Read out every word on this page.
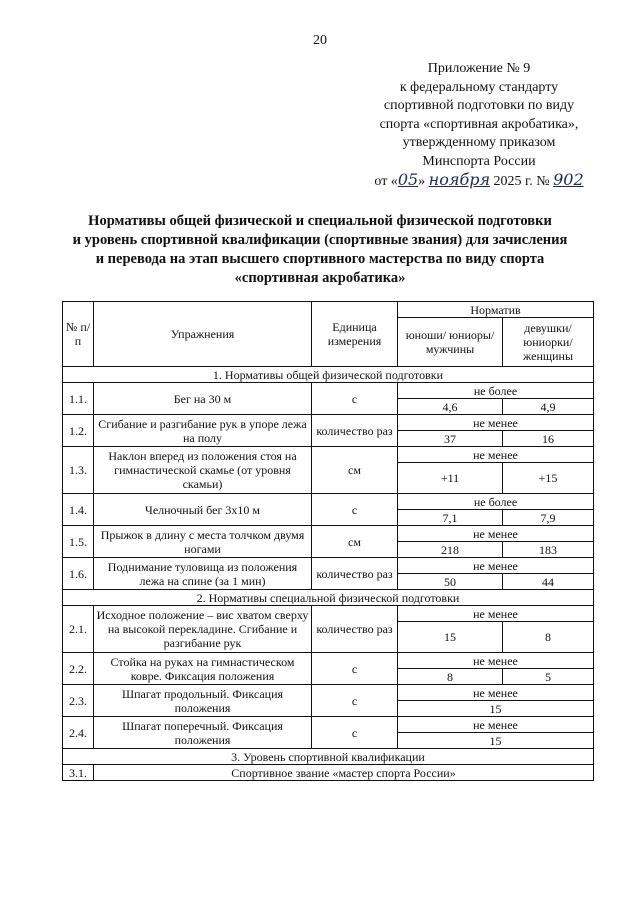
20
Приложение № 9
к федеральному стандарту
спортивной подготовки по виду
спорта «спортивная акробатика»,
утвержденному приказом
Минспорта России
от «05» ноября 2025 г. № 902
Нормативы общей физической и специальной физической подготовки
и уровень спортивной квалификации (спортивные звания) для зачисления
и перевода на этап высшего спортивного мастерства по виду спорта
«спортивная акробатика»
№ п/п	Упражнения	Единица измерения	Норматив	
			юноши/ юниоры/ мужчины	девушки/ юниорки/ женщины
1. Нормативы общей физической подготовки				
1.1.	Бег на 30 м	с	не более	
			4,6	4,9
1.2.	Сгибание и разгибание рук в упоре лежа на полу	количество раз	не менее	
			37	16
1.3.	Наклон вперед из положения стоя на гимнастической скамье (от уровня скамьи)	см	не менее	
			+11	+15
1.4.	Челночный бег 3х10 м	с	не более	
			7,1	7,9
1.5.	Прыжок в длину с места толчком двумя ногами	см	не менее	
			218	183
1.6.	Поднимание туловища из положения лежа на спине (за 1 мин)	количество раз	не менее	
			50	44
2. Нормативы специальной физической подготовки				
2.1.	Исходное положение – вис хватом сверху на высокой перекладине. Сгибание и разгибание рук	количество раз	не менее	
			15	8
2.2.	Стойка на руках на гимнастическом ковре. Фиксация положения	с	не менее	
			8	5
2.3.	Шпагат продольный. Фиксация положения	с	не менее	
			15	
2.4.	Шпагат поперечный. Фиксация положения	с	не менее	
			15	
3. Уровень спортивной квалификации				
3.1.	Спортивное звание «мастер спорта России»			
